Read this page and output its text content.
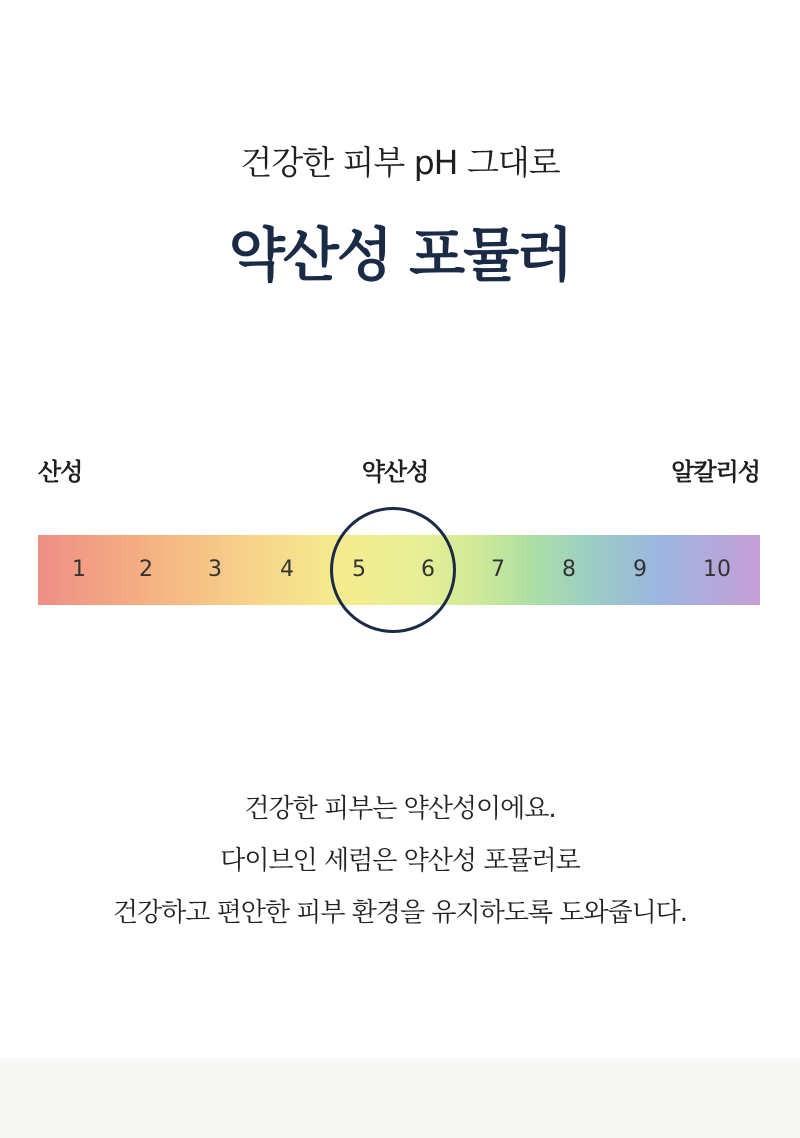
건강한 피부 pH 그대로
약산성 포뮬러
산성	약산성	알칼리성
1	2	3	4	5	6	7	8	9	10
건강한 피부는 약산성이에요.
다이브인 세럼은 약산성 포뮬러로
건강하고 편안한 피부 환경을 유지하도록 도와줍니다.
